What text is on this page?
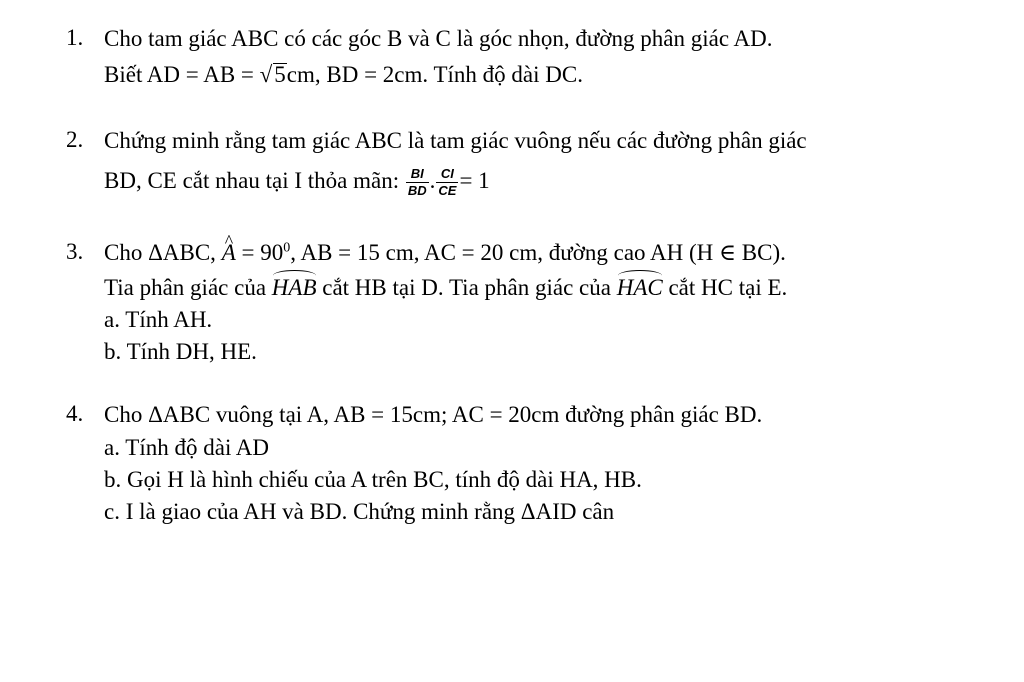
1. Cho tam giác ABC có các góc B và C là góc nhọn, đường phân giác AD.
Biết AD = AB = √5cm, BD = 2cm. Tính độ dài DC.
2. Chứng minh rằng tam giác ABC là tam giác vuông nếu các đường phân giác
BD, CE cắt nhau tại I thỏa mãn: $\frac{BI}{BD}$ . $\frac{CI}{CE} = 1$
3. Cho ΔABC, ^ $A = 90^0$, AB = 15 cm, AC = 20 cm, đường cao AH (H ∈ BC).
Tia phân giác của HAB cắt HB tại D. Tia phân giác của HAC cắt HC tại E.
a. Tính AH.
b. Tính DH, HE.
4. Cho ΔABC vuông tại A, AB = 15cm; AC = 20cm đường phân giác BD.
a. Tính độ dài AD
b. Gọi H là hình chiếu của A trên BC, tính độ dài HA, HB.
c. I là giao của AH và BD. Chứng minh rằng ΔAID cân
